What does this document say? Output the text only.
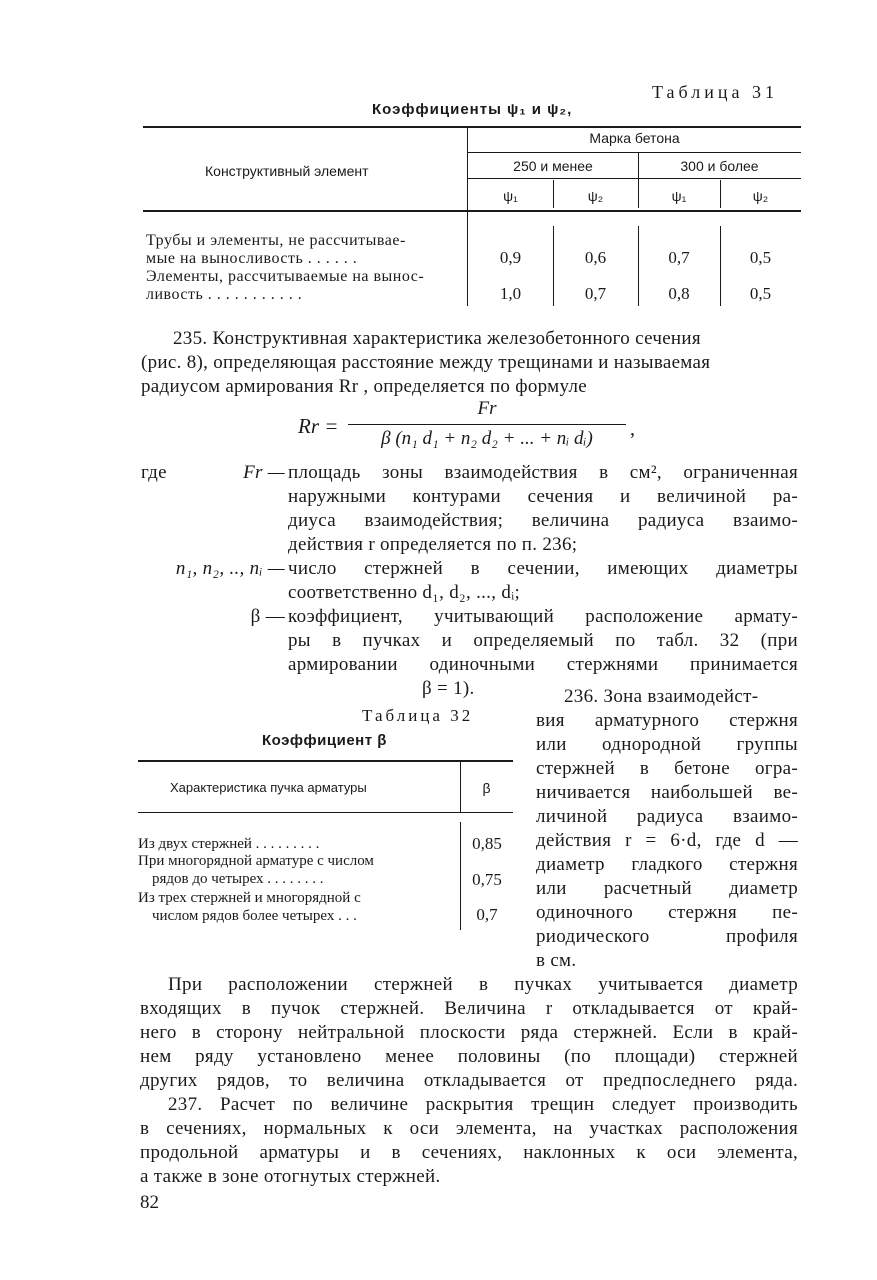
Таблица 31
Коэффициенты ψ₁ и ψ₂,
Конструктивный элемент
Марка бетона
250 и менее	300 и более
ψ₁	ψ₂	ψ₁	ψ₂
Трубы и элементы, не рассчитывае-
мые на выносливость . . . . . .	0,9	0,6	0,7	0,5
Элементы, рассчитываемые на вынос-
ливость . . . . . . . . . . .	1,0	0,7	0,8	0,5
235. Конструктивная характеристика железобетонного сечения
(рис. 8), определяющая расстояние между трещинами и называемая
радиусом армирования Rr , определяется по формуле
Rr =
Fr
β (n₁ d₁ + n₂ d₂ + ... + nᵢ dᵢ)	,
где	Fr — площадь зоны взаимодействия в см², ограниченная
наружными контурами сечения и величиной ра-
диуса взаимодействия; величина радиуса взаимо-
действия r определяется по п. 236;
n₁, n₂, .., nᵢ — число стержней в сечении, имеющих диаметры
соответственно d₁, d₂, ..., dᵢ;
β — коэффициент, учитывающий расположение армату-
ры в пучках и определяемый по табл. 32 (при
армировании одиночными стержнями принимается
β = 1).
Таблица 32
Коэффициент β
Характеристика пучка арматуры	β
Из двух стержней . . . . . . . . .	0,85
При многорядной арматуре с числом
рядов до четырех . . . . . . . .	0,75
Из трех стержней и многорядной с
числом рядов более четырех . . .	0,7
236. Зона взаимодейст-
вия арматурного стержня
или однородной группы
стержней в бетоне огра-
ничивается наибольшей ве-
личиной радиуса взаимо-
действия r = 6·d, где d —
диаметр гладкого стержня
или расчетный диаметр
одиночного стержня пе-
риодического профиля
в см.
При расположении стержней в пучках учитывается диаметр
входящих в пучок стержней. Величина r откладывается от край-
него в сторону нейтральной плоскости ряда стержней. Если в край-
нем ряду установлено менее половины (по площади) стержней
других рядов, то величина откладывается от предпоследнего ряда.
237. Расчет по величине раскрытия трещин следует производить
в сечениях, нормальных к оси элемента, на участках расположения
продольной арматуры и в сечениях, наклонных к оси элемента,
а также в зоне отогнутых стержней.
82
